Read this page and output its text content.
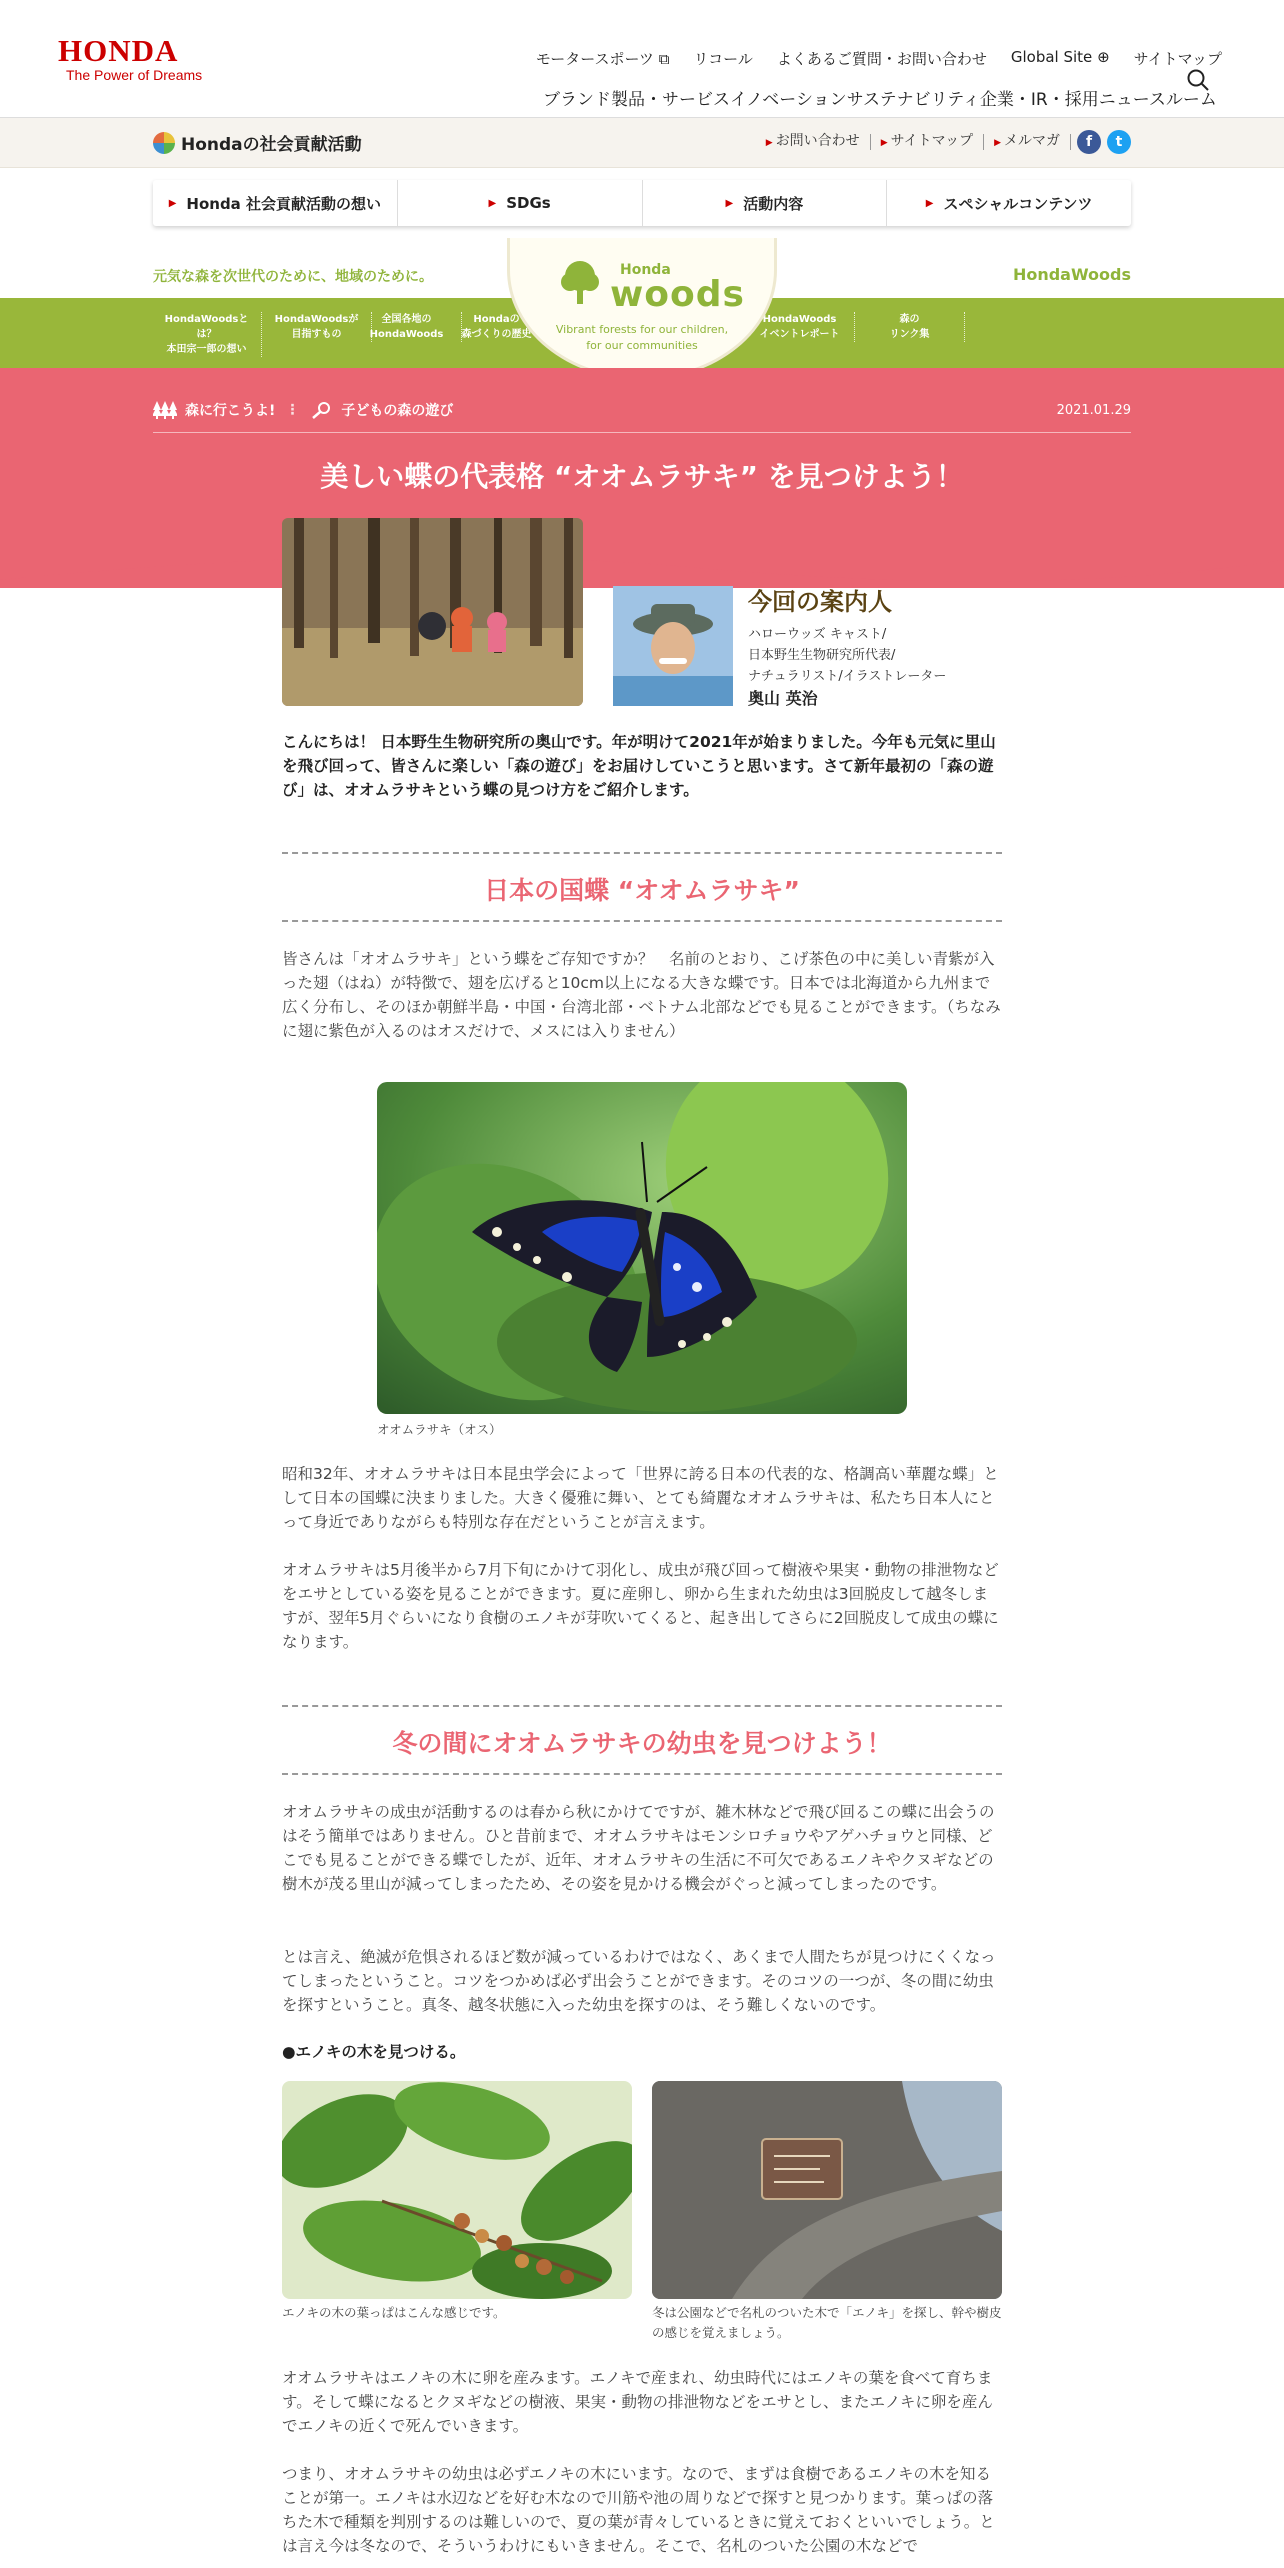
HONDA
The Power of Dreams
モータースポーツ ⧉ リコール よくあるご質問・お問い合わせ Global Site ⊕ サイトマップ
ブランド 製品・サービス イノベーション サステナビリティ 企業・IR・採用 ニュースルーム
Hondaの社会貢献活動	▶ お問い合わせ	▶ サイトマップ	▶ メルマガ	f	t
▶ Honda 社会貢献活動の想い	▶ SDGs	▶ 活動内容	▶ スペシャルコンテンツ
元気な森を次世代のために、地域のために。	HondaWoods
HondaWoodsとは？
本田宗一郎の想い
HondaWoodsが
目指すもの
全国各地の
HondaWoods
Hondaの
森づくりの歴史
HondaWoods
イベントレポート
森の
リンク集
Enjoy-Forest
森に行こうよ!
Honda
woods
Vibrant forests for our children,
for our communities
森に行こうよ! ⋮	子どもの森の遊び	2021.01.29
美しい蝶の代表格 “オオムラサキ” を見つけよう！
今回の案内人
ハローウッズ キャスト/
日本野生生物研究所代表/
ナチュラリスト/イラストレーター
奥山 英治

こんにちは！ 日本野生生物研究所の奥山です。年が明けて2021年が始まりました。今年も元気に里山を飛び回って、皆さんに楽しい「森の遊び」をお届けしていこうと思います。さて新年最初の「森の遊び」は、オオムラサキという蝶の見つけ方をご紹介します。

日本の国蝶 “オオムラサキ”

皆さんは「オオムラサキ」という蝶をご存知ですか？　名前のとおり、こげ茶色の中に美しい青紫が入った翅（はね）が特徴で、翅を広げると10cm以上になる大きな蝶です。日本では北海道から九州まで広く分布し、そのほか朝鮮半島・中国・台湾北部・ベトナム北部などでも見ることができます。（ちなみに翅に紫色が入るのはオスだけで、メスには入りません）

オオムラサキ（オス）

昭和32年、オオムラサキは日本昆虫学会によって「世界に誇る日本の代表的な、格調高い華麗な蝶」として日本の国蝶に決まりました。大きく優雅に舞い、とても綺麗なオオムラサキは、私たち日本人にとって身近でありながらも特別な存在だということが言えます。

オオムラサキは5月後半から7月下旬にかけて羽化し、成虫が飛び回って樹液や果実・動物の排泄物などをエサとしている姿を見ることができます。夏に産卵し、卵から生まれた幼虫は3回脱皮して越冬しますが、翌年5月ぐらいになり食樹のエノキが芽吹いてくると、起き出してさらに2回脱皮して成虫の蝶になります。

冬の間にオオムラサキの幼虫を見つけよう！

オオムラサキの成虫が活動するのは春から秋にかけてですが、雑木林などで飛び回るこの蝶に出会うのはそう簡単ではありません。ひと昔前まで、オオムラサキはモンシロチョウやアゲハチョウと同様、どこでも見ることができる蝶でしたが、近年、オオムラサキの生活に不可欠であるエノキやクヌギなどの樹木が茂る里山が減ってしまったため、その姿を見かける機会がぐっと減ってしまったのです。

とは言え、絶滅が危惧されるほど数が減っているわけではなく、あくまで人間たちが見つけにくくなってしまったということ。コツをつかめば必ず出会うことができます。そのコツの一つが、冬の間に幼虫を探すということ。真冬、越冬状態に入った幼虫を探すのは、そう難しくないのです。

●エノキの木を見つける。
エノキの木の葉っぱはこんな感じです。	冬は公園などで名札のついた木で「エノキ」を探し、幹や樹皮の感じを覚えましょう。

オオムラサキはエノキの木に卵を産みます。エノキで産まれ、幼虫時代にはエノキの葉を食べて育ちます。そして蝶になるとクヌギなどの樹液、果実・動物の排泄物などをエサとし、またエノキに卵を産んでエノキの近くで死んでいきます。

つまり、オオムラサキの幼虫は必ずエノキの木にいます。なので、まずは食樹であるエノキの木を知ることが第一。エノキは水辺などを好む木なので川筋や池の周りなどで探すと見つかります。葉っぱの落ちた木で種類を判別するのは難しいので、夏の葉が青々しているときに覚えておくといいでしょう。とは言え今は冬なので、そういうわけにもいきません。そこで、名札のついた公園の木などで
